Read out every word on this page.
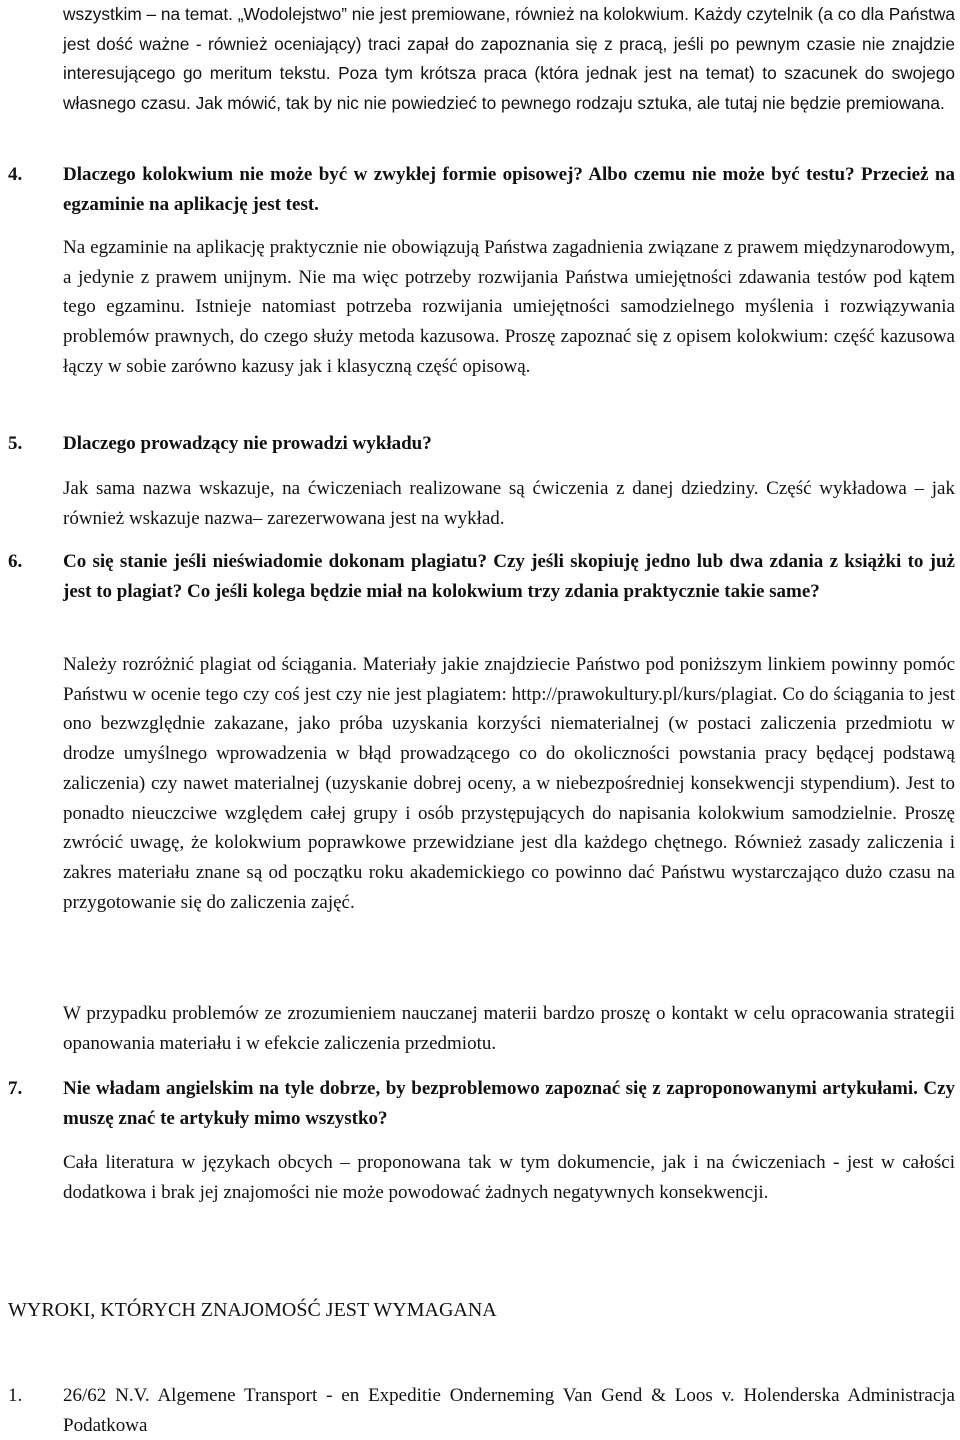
wszystkim – na temat. „Wodolejstwo” nie jest premiowane, również na kolokwium. Każdy czytelnik (a co dla Państwa jest dość ważne - również oceniający) traci zapał do zapoznania się z pracą, jeśli po pewnym czasie nie znajdzie interesującego go meritum tekstu. Poza tym krótsza praca (która jednak jest na temat) to szacunek do swojego własnego czasu. Jak mówić, tak by nic nie powiedzieć to pewnego rodzaju sztuka, ale tutaj nie będzie premiowana.
4. Dlaczego kolokwium nie może być w zwykłej formie opisowej? Albo czemu nie może być testu? Przecież na egzaminie na aplikację jest test.
Na egzaminie na aplikację praktycznie nie obowiązują Państwa zagadnienia związane z prawem międzynarodowym, a jedynie z prawem unijnym. Nie ma więc potrzeby rozwijania Państwa umiejętności zdawania testów pod kątem tego egzaminu. Istnieje natomiast potrzeba rozwijania umiejętności samodzielnego myślenia i rozwiązywania problemów prawnych, do czego służy metoda kazusowa. Proszę zapoznać się z opisem kolokwium: część kazusowa łączy w sobie zarówno kazusy jak i klasyczną część opisową.
5. Dlaczego prowadzący nie prowadzi wykładu?
Jak sama nazwa wskazuje, na ćwiczeniach realizowane są ćwiczenia z danej dziedziny. Część wykładowa – jak również wskazuje nazwa– zarezerwowana jest na wykład.
6. Co się stanie jeśli nieświadomie dokonam plagiatu? Czy jeśli skopiuję jedno lub dwa zdania z książki to już jest to plagiat? Co jeśli kolega będzie miał na kolokwium trzy zdania praktycznie takie same?
Należy rozróżnić plagiat od ściągania. Materiały jakie znajdziecie Państwo pod poniższym linkiem powinny pomóc Państwu w ocenie tego czy coś jest czy nie jest plagiatem: http://prawokultury.pl/kurs/plagiat. Co do ściągania to jest ono bezwzględnie zakazane, jako próba uzyskania korzyści niematerialnej (w postaci zaliczenia przedmiotu w drodze umyślnego wprowadzenia w błąd prowadzącego co do okoliczności powstania pracy będącej podstawą zaliczenia) czy nawet materialnej (uzyskanie dobrej oceny, a w niebezpośredniej konsekwencji stypendium). Jest to ponadto nieuczciwe względem całej grupy i osób przystępujących do napisania kolokwium samodzielnie. Proszę zwrócić uwagę, że kolokwium poprawkowe przewidziane jest dla każdego chętnego. Również zasady zaliczenia i zakres materiału znane są od początku roku akademickiego co powinno dać Państwu wystarczająco dużo czasu na przygotowanie się do zaliczenia zajęć.
W przypadku problemów ze zrozumieniem nauczanej materii bardzo proszę o kontakt w celu opracowania strategii opanowania materiału i w efekcie zaliczenia przedmiotu.
7. Nie władam angielskim na tyle dobrze, by bezproblemowo zapoznać się z zaproponowanymi artykułami. Czy muszę znać te artykuły mimo wszystko?
Cała literatura w językach obcych – proponowana tak w tym dokumencie, jak i na ćwiczeniach - jest w całości dodatkowa i brak jej znajomości nie może powodować żadnych negatywnych konsekwencji.
WYROKI, KTÓRYCH ZNAJOMOŚĆ JEST WYMAGANA
1. 26/62 N.V. Algemene Transport - en Expeditie Onderneming Van Gend & Loos v. Holenderska Administracja Podatkowa
